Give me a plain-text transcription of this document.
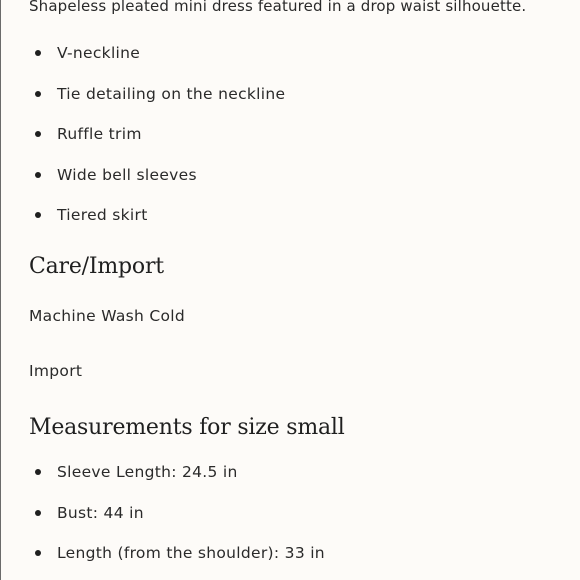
Shapeless pleated mini dress featured in a drop waist silhouette.

V-neckline
Tie detailing on the neckline
Ruffle trim
Wide bell sleeves
Tiered skirt
Care/Import

Machine Wash Cold

Import

Measurements for size small
Sleeve Length: 24.5 in
Bust: 44 in
Length (from the shoulder): 33 in
